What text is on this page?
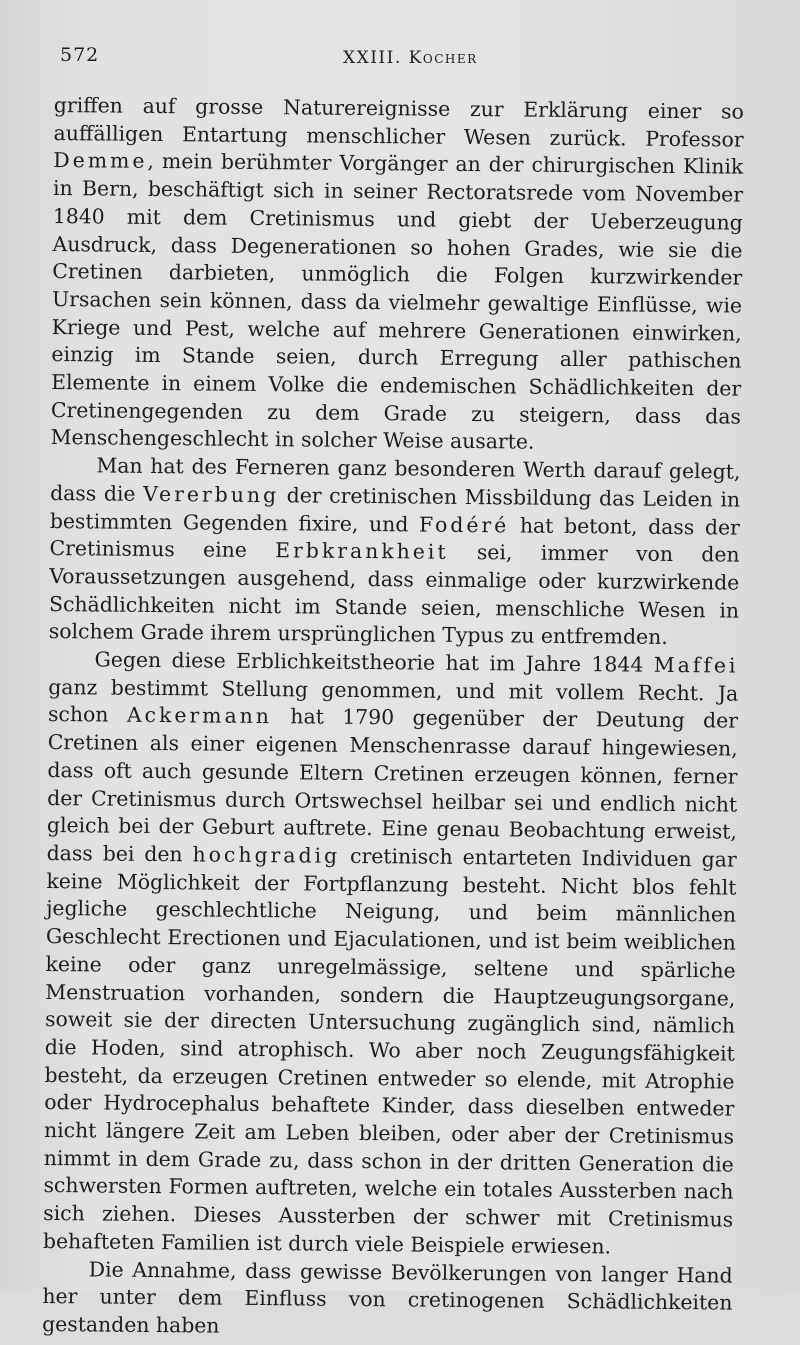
572	XXIII. Kocher

griffen auf grosse Naturereignisse zur Erklärung einer so auffälligen Entartung menschlicher Wesen zurück. Professor Demme, mein berühmter Vorgänger an der chirurgischen Klinik in Bern, beschäftigt sich in seiner Rectoratsrede vom November 1840 mit dem Cretinismus und giebt der Ueberzeugung Ausdruck, dass Degenerationen so hohen Grades, wie sie die Cretinen darbieten, unmöglich die Folgen kurzwirkender Ursachen sein können, dass da vielmehr gewaltige Einflüsse, wie Kriege und Pest, welche auf mehrere Generationen einwirken, einzig im Stande seien, durch Erregung aller pathischen Elemente in einem Volke die endemischen Schädlichkeiten der Cretinengegenden zu dem Grade zu steigern, dass das Menschengeschlecht in solcher Weise ausarte.

Man hat des Ferneren ganz besonderen Werth darauf gelegt, dass die Vererbung der cretinischen Missbildung das Leiden in bestimmten Gegenden fixire, und Fodéré hat betont, dass der Cretinismus eine Erbkrankheit sei, immer von den Voraussetzungen ausgehend, dass einmalige oder kurzwirkende Schädlichkeiten nicht im Stande seien, menschliche Wesen in solchem Grade ihrem ursprünglichen Typus zu entfremden.

Gegen diese Erblichkeitstheorie hat im Jahre 1844 Maffei ganz bestimmt Stellung genommen, und mit vollem Recht. Ja schon Ackermann hat 1790 gegenüber der Deutung der Cretinen als einer eigenen Menschenrasse darauf hingewiesen, dass oft auch gesunde Eltern Cretinen erzeugen können, ferner der Cretinismus durch Ortswechsel heilbar sei und endlich nicht gleich bei der Geburt auftrete. Eine genau Beobachtung erweist, dass bei den hochgradig cretinisch entarteten Individuen gar keine Möglichkeit der Fortpflanzung besteht. Nicht blos fehlt jegliche geschlechtliche Neigung, und beim männlichen Geschlecht Erectionen und Ejaculationen, und ist beim weiblichen keine oder ganz unregelmässige, seltene und spärliche Menstruation vorhanden, sondern die Hauptzeugungsorgane, soweit sie der directen Untersuchung zugänglich sind, nämlich die Hoden, sind atrophisch. Wo aber noch Zeugungsfähigkeit besteht, da erzeugen Cretinen entweder so elende, mit Atrophie oder Hydrocephalus behaftete Kinder, dass dieselben entweder nicht längere Zeit am Leben bleiben, oder aber der Cretinismus nimmt in dem Grade zu, dass schon in der dritten Generation die schwersten Formen auftreten, welche ein totales Aussterben nach sich ziehen. Dieses Aussterben der schwer mit Cretinismus behafteten Familien ist durch viele Beispiele erwiesen.

Die Annahme, dass gewisse Bevölkerungen von langer Hand her unter dem Einfluss von cretinogenen Schädlichkeiten gestanden haben
